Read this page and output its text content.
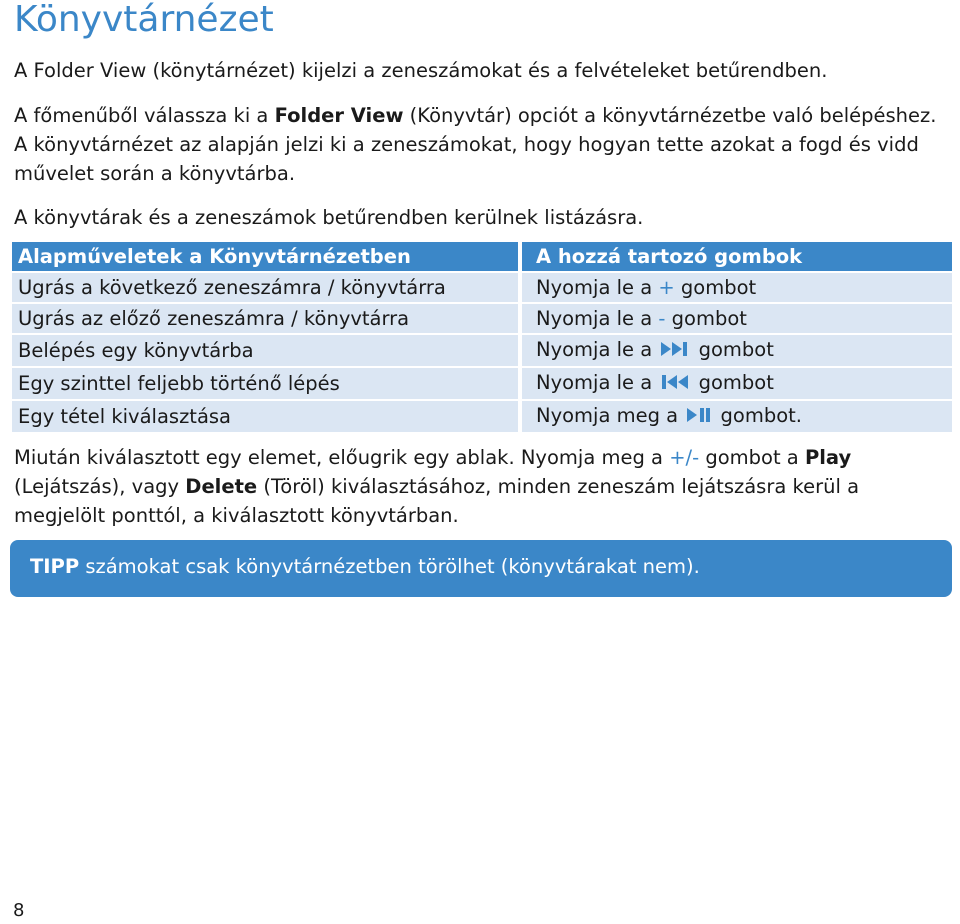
Könyvtárnézet

A Folder View (könytárnézet) kijelzi a zeneszámokat és a felvételeket betűrendben.

A főmenűből válassza ki a Folder View (Könyvtár) opciót a könyvtárnézetbe való belépéshez. A könyvtárnézet az alapján jelzi ki a zeneszámokat, hogy hogyan tette azokat a fogd és vidd művelet során a könyvtárba.

A könyvtárak és a zeneszámok betűrendben kerülnek listázásra.

Alapműveletek a Könyvtárnézetben	A hozzá tartozó gombok
Ugrás a következő zeneszámra / könyvtárra	Nyomja le a + gombot
Ugrás az előző zeneszámra / könyvtárra	Nyomja le a - gombot
Belépés egy könyvtárba	Nyomja le a  gombot
Egy szinttel feljebb történő lépés	Nyomja le a  gombot
Egy tétel kiválasztása	Nyomja meg a  gombot.

Miután kiválasztott egy elemet, előugrik egy ablak. Nyomja meg a +/- gombot a Play
(Lejátszás), vagy Delete (Töröl) kiválasztásához, minden zeneszám lejátszásra kerül a megjelölt ponttól, a kiválasztott könyvtárban.

TIPP számokat csak könyvtárnézetben törölhet (könyvtárakat nem).
8
